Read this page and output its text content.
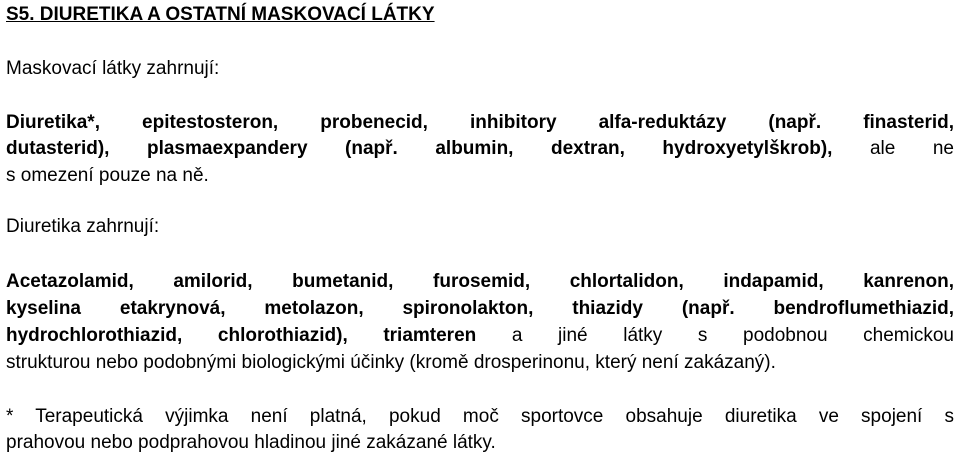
S5. DIURETIKA A OSTATNÍ MASKOVACÍ LÁTKY
Maskovací látky zahrnují:
Diuretika*, epitestosteron, probenecid, inhibitory alfa-reduktázy (např. finasterid,
dutasterid), plasmaexpandery (např. albumin, dextran, hydroxyetylškrob), ale ne
s omezení pouze na ně.
Diuretika zahrnují:
Acetazolamid, amilorid, bumetanid, furosemid, chlortalidon, indapamid, kanrenon,
kyselina etakrynová, metolazon, spironolakton, thiazidy (např. bendroflumethiazid,
hydrochlorothiazid, chlorothiazid), triamteren a jiné látky s podobnou chemickou
strukturou nebo podobnými biologickými účinky (kromě drosperinonu, který není zakázaný).
* Terapeutická výjimka není platná, pokud moč sportovce obsahuje diuretika ve spojení s
prahovou nebo podprahovou hladinou jiné zakázané látky.
